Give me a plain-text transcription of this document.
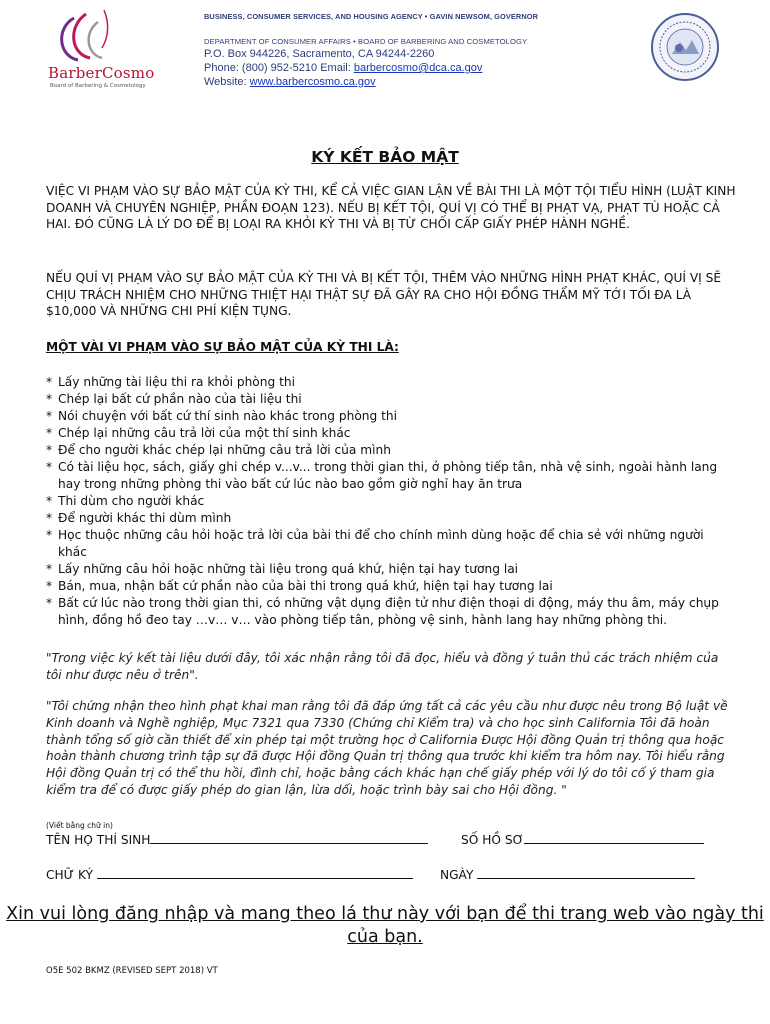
BarberCosmo
Board of Barbering & Cosmetology
BUSINESS, CONSUMER SERVICES, AND HOUSING AGENCY • GAVIN NEWSOM, GOVERNOR
DEPARTMENT OF CONSUMER AFFAIRS • BOARD OF BARBERING AND COSMETOLOGY
P.O. Box 944226, Sacramento, CA 94244-2260
Phone: (800) 952-5210 Email: barbercosmo@dca.ca.gov
Website: www.barbercosmo.ca.gov
KÝ KẾT BẢO MẬT
VIỆC VI PHẠM VÀO SỰ BẢO MẬT CỦA KỲ THI, KỂ CẢ VIỆC GIAN LẬN VỀ BÀI THI LÀ MỘT TỘI TIỂU HÌNH (LUẬT KINH DOANH VÀ CHUYÊN NGHIỆP, PHẦN ĐOẠN 123). NẾU BỊ KẾT TỘI, QUÍ VỊ CÓ THỂ BỊ PHẠT VẠ, PHẠT TÙ HOẶC CẢ HAI. ĐÓ CŨNG LÀ LÝ DO ĐỂ BỊ LOẠI RA KHỎI KỲ THI VÀ BỊ TỪ CHỐI CẤP GIẤY PHÉP HÀNH NGHỀ.
NẾU QUÍ VỊ PHẠM VÀO SỰ BẢO MẬT CỦA KỲ THI VÀ BỊ KẾT TỘI, THÊM VÀO NHỮNG HÌNH PHẠT KHÁC, QUÍ VỊ SẼ CHỊU TRÁCH NHIỆM CHO NHỮNG THIỆT HẠI THẬT SỰ ĐÃ GÂY RA CHO HỘI ĐỒNG THẨM MỸ TỚI TỐI ĐA LÀ $10,000 VÀ NHỮNG CHI PHÍ KIỆN TỤNG.
MỘT VÀI VI PHẠM VÀO SỰ BẢO MẬT CỦA KỲ THI LÀ:
* Lấy những tài liệu thi ra khỏi phòng thi
* Chép lại bất cứ phần nào của tài liệu thi
* Nói chuyện với bất cứ thí sinh nào khác trong phòng thi
* Chép lại những câu trả lời của một thí sinh khác
* Để cho người khác chép lại những câu trả lời của mình
* Có tài liệu học, sách, giấy ghi chép v...v... trong thời gian thi, ở phòng tiếp tân, nhà vệ sinh, ngoài hành lang hay trong những phòng thi vào bất cứ lúc nào bao gồm giờ nghỉ hay ăn trưa
* Thi dùm cho người khác
* Để người khác thi dùm mình
* Học thuộc những câu hỏi hoặc trả lời của bài thi để cho chính mình dùng hoặc để chia sẻ với những người khác
* Lấy những câu hỏi hoặc những tài liệu trong quá khứ, hiện tại hay tương lai
* Bán, mua, nhận bất cứ phần nào của bài thi trong quá khứ, hiện tại hay tương lai
* Bất cứ lúc nào trong thời gian thi, có những vật dụng điện tử như điện thoại di động, máy thu âm, máy chụp hình, đồng hồ đeo tay …v… v… vào phòng tiếp tân, phòng vệ sinh, hành lang hay những phòng thi.
"Trong việc ký kết tài liệu dưới đây, tôi xác nhận rằng tôi đã đọc, hiểu và đồng ý tuân thủ các trách nhiệm của tôi như được nêu ở trên".
"Tôi chứng nhận theo hình phạt khai man rằng tôi đã đáp ứng tất cả các yêu cầu như được nêu trong Bộ luật về Kinh doanh và Nghề nghiệp, Mục 7321 qua 7330 (Chứng chỉ Kiểm tra) và cho học sinh California Tôi đã hoàn thành tổng số giờ cần thiết để xin phép tại một trường học ở California Được Hội đồng Quản trị thông qua hoặc hoàn thành chương trình tập sự đã được Hội đồng Quản trị thông qua trước khi kiểm tra hôm nay. Tôi hiểu rằng Hội đồng Quản trị có thể thu hồi, đình chỉ, hoặc bằng cách khác hạn chế giấy phép với lý do tôi cố ý tham gia kiểm tra để có được giấy phép do gian lận, lừa dối, hoặc trình bày sai cho Hội đồng. "
(Viết bằng chữ in)
TÊN HỌ THÍ SINH	SỐ HỒ SƠ
CHỮ KÝ	NGÀY
Xin vui lòng đăng nhập và mang theo lá thư này với bạn để thi trang web vào ngày thi của bạn.
O5E 502 BKMZ (REVISED SEPT 2018) VT
